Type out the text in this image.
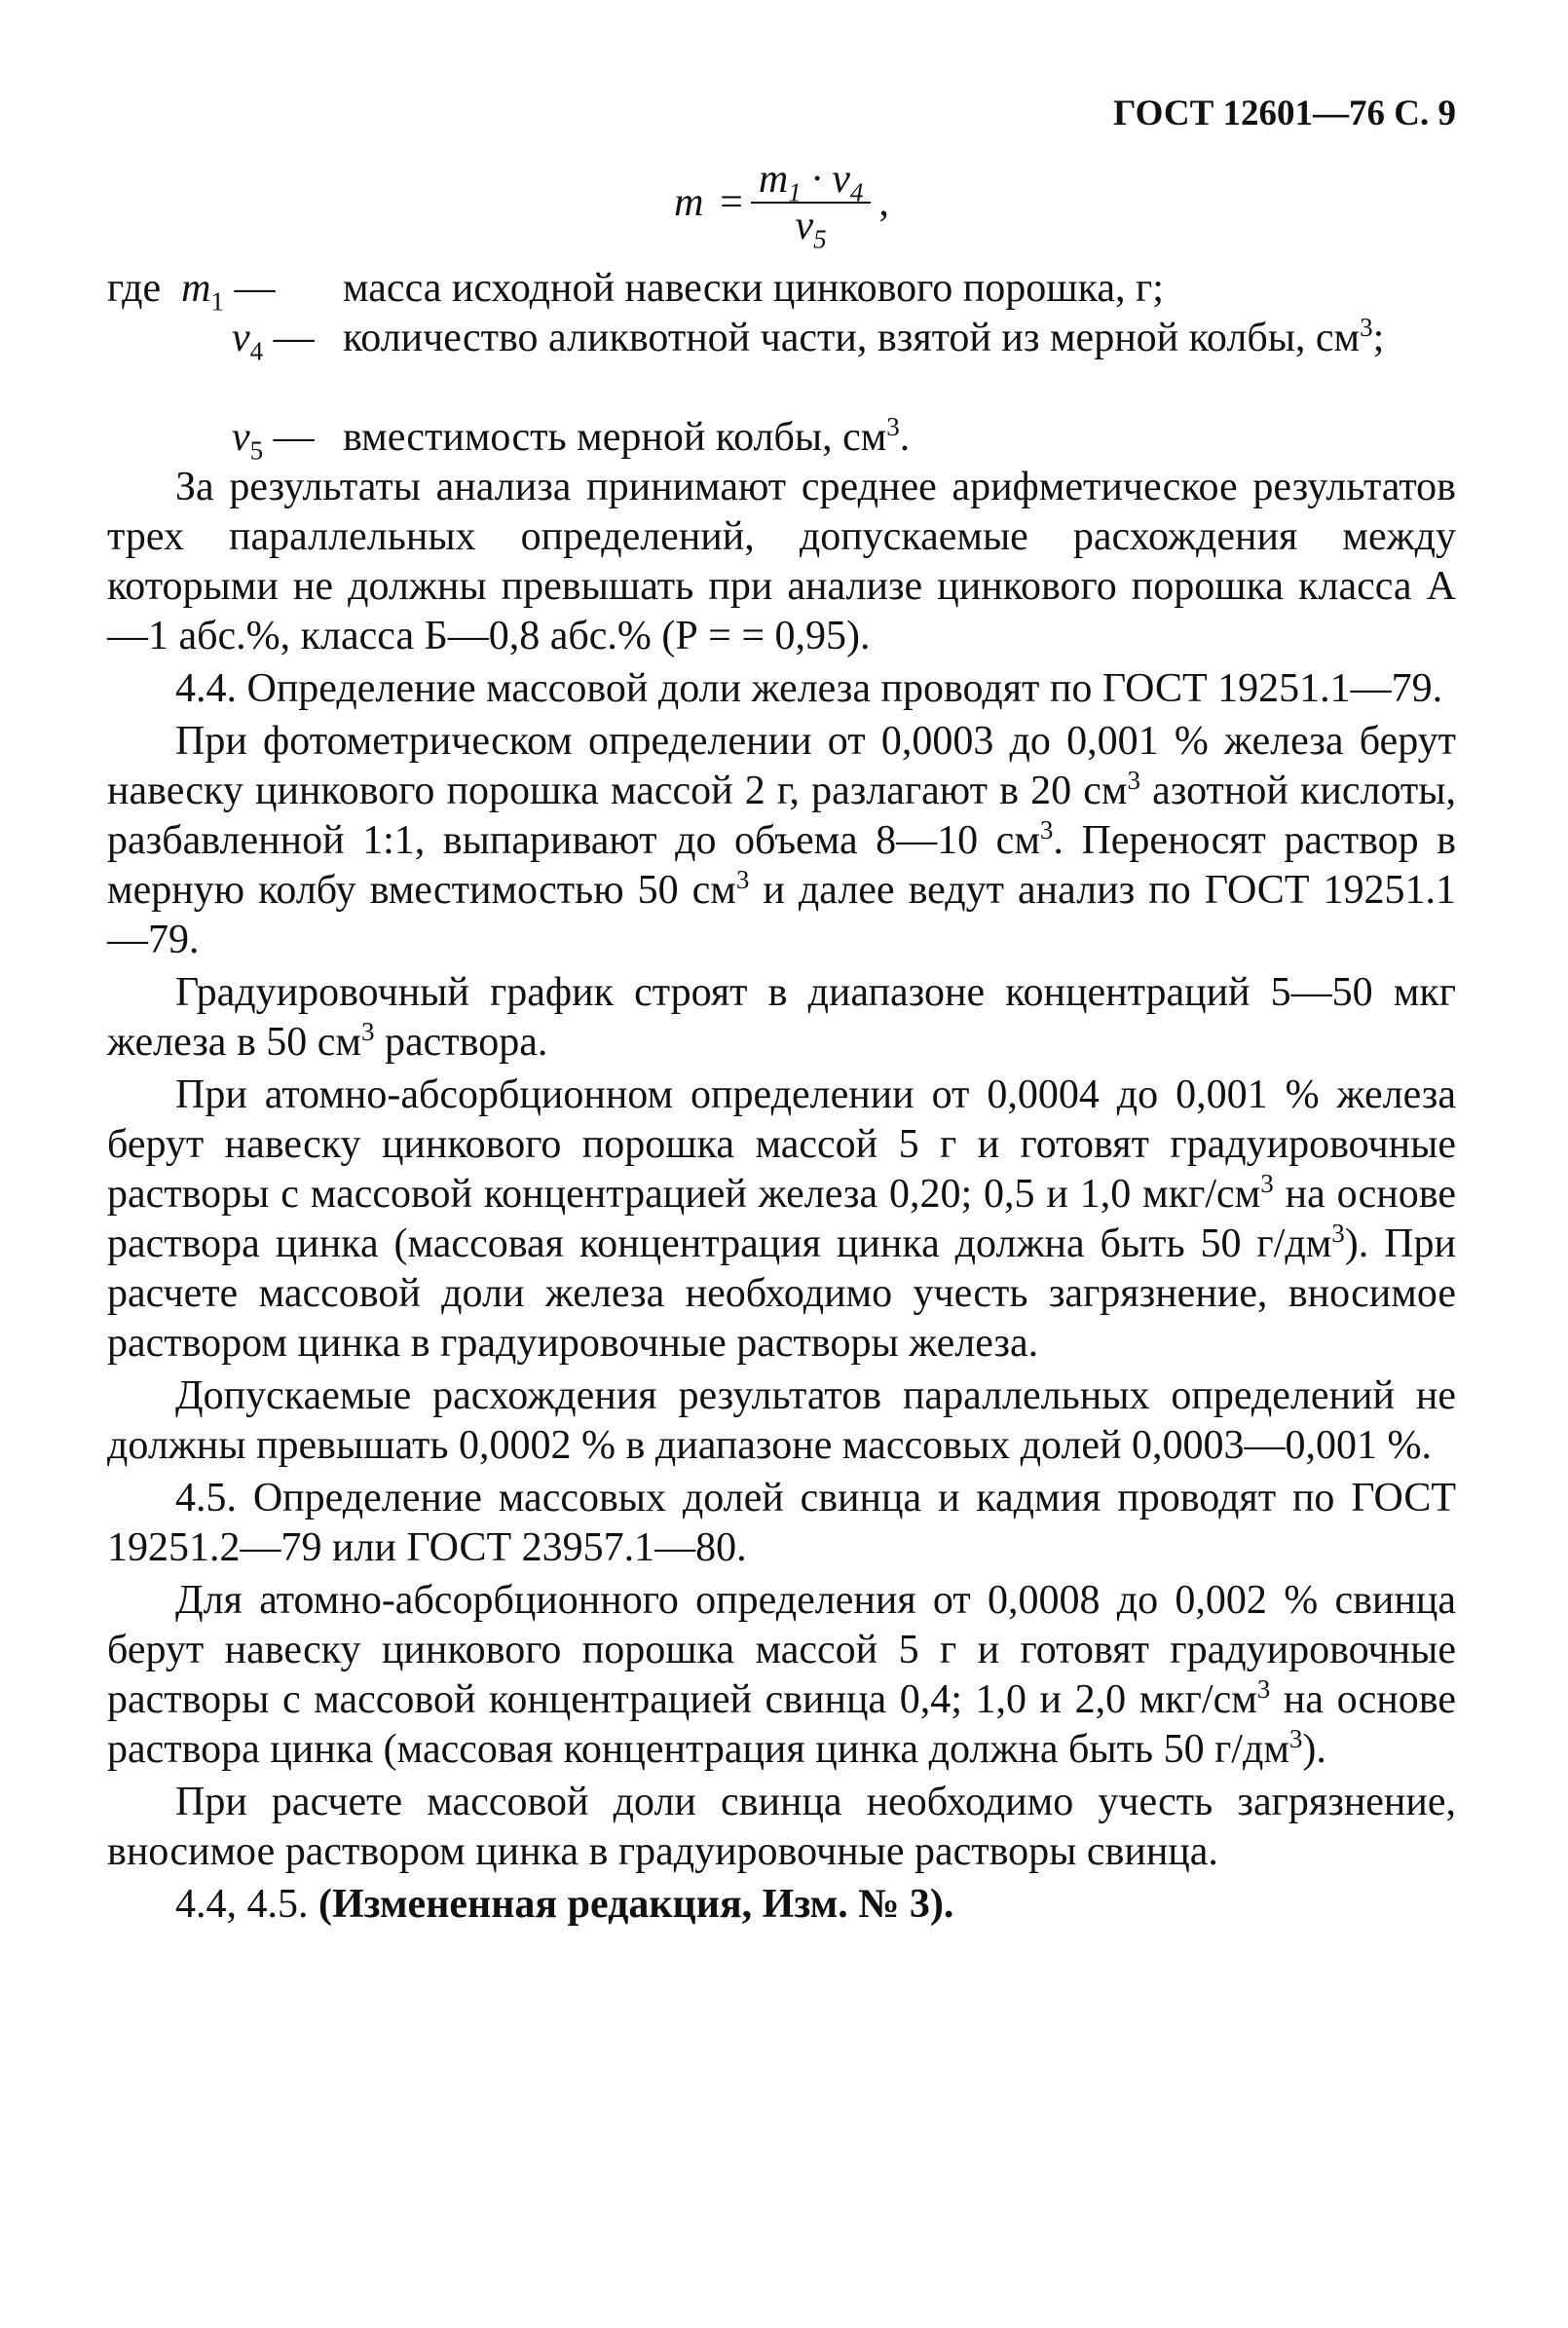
ГОСТ 12601—76 С. 9
$m = \frac{m_1 \cdot v_4}{v_5}$ ,
где $m_1$ — масса исходной навески цинкового порошка, г;
$v_4$ — количество аликвотной части, взятой из мерной колбы, $см^3$;
$v_5$ — вместимость мерной колбы, $см^3$.

За результаты анализа принимают среднее арифметическое результатов трех параллельных определений, допускаемые расхождения между которыми не должны превышать при анализе цинкового порошка класса А—1 абс.%, класса Б—0,8 абс.% (Р = = 0,95).

4.4. Определение массовой доли железа проводят по ГОСТ 19251.1—79.

При фотометрическом определении от 0,0003 до 0,001 % железа берут навеску цинкового порошка массой 2 г, разлагают в 20 $см^3$ азотной кислоты, разбавленной 1:1, выпаривают до объема 8—10 $см^3$. Переносят раствор в мерную колбу вместимостью 50 $см^3$ и далее ведут анализ по ГОСТ 19251.1—79.

Градуировочный график строят в диапазоне концентраций 5—50 мкг железа в 50 $см^3$ раствора.

При атомно-абсорбционном определении от 0,0004 до 0,001 % железа берут навеску цинкового порошка массой 5 г и готовят градуировочные растворы с массовой концентрацией железа 0,20; 0,5 и 1,0 мкг/$см^3$ на основе раствора цинка (массовая концентрация цинка должна быть 50 $г/дм^3$). При расчете массовой доли железа необходимо учесть загрязнение, вносимое раствором цинка в градуировочные растворы железа.

Допускаемые расхождения результатов параллельных определений не должны превышать 0,0002 % в диапазоне массовых долей 0,0003—0,001 %.

4.5. Определение массовых долей свинца и кадмия проводят по ГОСТ 19251.2—79 или ГОСТ 23957.1—80.

Для атомно-абсорбционного определения от 0,0008 до 0,002 % свинца берут навеску цинкового порошка массой 5 г и готовят градуировочные растворы с массовой концентрацией свинца 0,4; 1,0 и 2,0 мкг/$см^3$ на основе раствора цинка (массовая концентрация цинка должна быть 50 $г/дм^3$).

При расчете массовой доли свинца необходимо учесть загрязнение, вносимое раствором цинка в градуировочные растворы свинца.

4.4, 4.5. (Измененная редакция, Изм. № 3).
